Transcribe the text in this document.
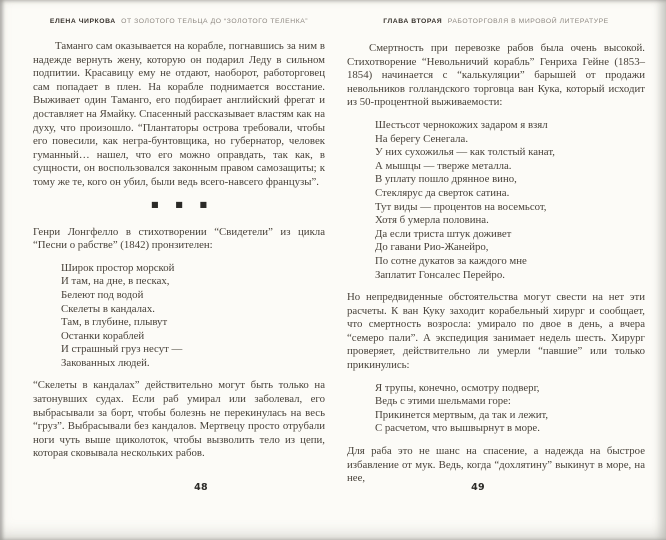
ЕЛЕНА ЧИРКОВА ОТ ЗОЛОТОГО ТЕЛЬЦА ДО “ЗОЛОТОГО ТЕЛЕНКА”

Таманго сам оказывается на корабле, погнавшись за ним в надежде вернуть жену, которую он подарил Леду в сильном подпитии. Красавицу ему не отдают, наоборот, работорговец сам попадает в плен. На корабле поднимается восстание. Выживает один Таманго, его подбирает английский фрегат и доставляет на Ямайку. Спасенный рассказывает властям как на духу, что произошло. “Плантаторы острова требовали, чтобы его повесили, как негра-бунтовщика, но губернатор, человек гуманный… нашел, что его можно оправдать, так как, в сущности, он воспользовался законным правом самозащиты; к тому же те, кого он убил, были ведь всего-навсего французы”.

■ ■ ■

Генри Лонгфелло в стихотворении “Свидетели” из цикла “Песни о рабстве” (1842) пронзителен:

Широк простор морской
И там, на дне, в песках,
Белеют под водой
Скелеты в кандалах.
Там, в глубине, плывут
Останки кораблей
И страшный груз несут —
Закованных людей.

“Скелеты в кандалах” действительно могут быть только на затонувших судах. Если раб умирал или заболевал, его выбрасывали за борт, чтобы болезнь не перекинулась на весь “груз”. Выбрасывали без кандалов. Мертвецу просто отрубали ноги чуть выше щиколоток, чтобы вызволить тело из цепи, которая сковывала нескольких рабов.

48
ГЛАВА ВТОРАЯ РАБОТОРГОВЛЯ В МИРОВОЙ ЛИТЕРАТУРЕ

Смертность при перевозке рабов была очень высокой. Стихотворение “Невольничий корабль” Генриха Гейне (1853–1854) начинается с “калькуляции” барышей от продажи невольников голландского торговца ван Кука, который исходит из 50-процентной выживаемости:

Шестьсот чернокожих задаром я взял
На берегу Сенегала.
У них сухожилья — как толстый канат,
А мышцы — тверже металла.
В уплату пошло дрянное вино,
Стеклярус да сверток сатина.
Тут виды — процентов на восемьсот,
Хотя б умерла половина.
Да если триста штук доживет
До гавани Рио-Жанейро,
По сотне дукатов за каждого мне
Заплатит Гонсалес Перейро.

Но непредвиденные обстоятельства могут свести на нет эти расчеты. К ван Куку заходит корабельный хирург и сообщает, что смертность возросла: умирало по двое в день, а вчера “семеро пали”. А экспедиция занимает недель шесть. Хирург проверяет, действительно ли умерли “павшие” или только прикинулись:

Я трупы, конечно, осмотру подверг,
Ведь с этими шельмами горе:
Прикинется мертвым, да так и лежит,
С расчетом, что вышвырнут в море.

Для раба это не шанс на спасение, а надежда на быстрое избавление от мук. Ведь, когда “дохлятину” выкинут в море, на нее,

49
